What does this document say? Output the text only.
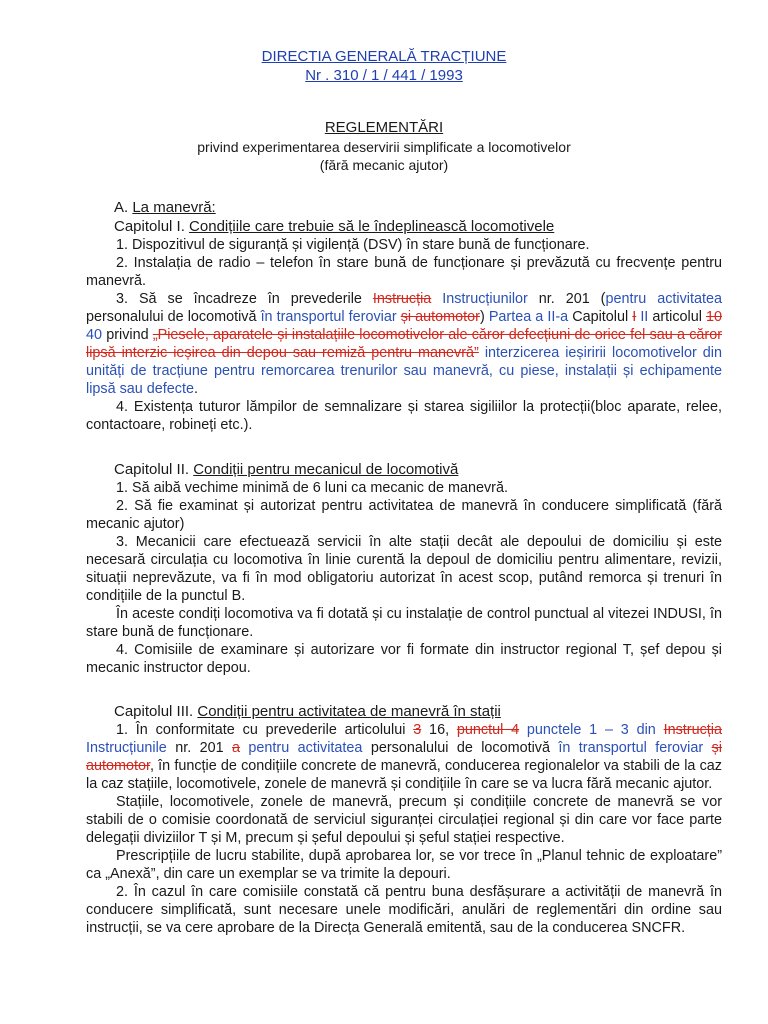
DIRECTIA GENERALĂ TRACȚIUNE
Nr . 310 / 1 / 441 / 1993
REGLEMENTĂRI
privind experimentarea deservirii simplificate a locomotivelor
(fără mecanic ajutor)
A. La manevră:
Capitolul I. Condițiile care trebuie să le îndeplinească locomotivele

1. Dispozitivul de siguranță și vigilență (DSV) în stare bună de funcționare.

2. Instalația de radio – telefon în stare bună de funcționare și prevăzută cu frecvențe pentru manevră.

3. Să se încadreze în prevederile Instrucția Instrucțiunilor nr. 201 (pentru activitatea personalului de locomotivă în transportul feroviar și automotor) Partea a II-a Capitolul I II articolul 10 40 privind „Piesele, aparatele și instalațiile locomotivelor ale căror defecțiuni de orice fel sau a căror lipsă interzic ieșirea din depou sau remiză pentru manevră” interzicerea ieșiririi locomotivelor din unități de tracțiune pentru remorcarea trenurilor sau manevră, cu piese, instalații și echipamente lipsă sau defecte.

4. Existența tuturor lămpilor de semnalizare și starea sigiliilor la protecții(bloc aparate, relee, contactoare, robineți etc.).

Capitolul II. Condiții pentru mecanicul de locomotivă

1. Să aibă vechime minimă de 6 luni ca mecanic de manevră.

2. Să fie examinat și autorizat pentru activitatea de manevră în conducere simplificată (fără mecanic ajutor)

3. Mecanicii care efectuează servicii în alte stații decât ale depoului de domiciliu și este necesară circulația cu locomotiva în linie curentă la depoul de domiciliu pentru alimentare, revizii, situații neprevăzute, va fi în mod obligatoriu autorizat în acest scop, putând remorca și trenuri în condițiile de la punctul B.

În aceste condiți locomotiva va fi dotată și cu instalație de control punctual al vitezei INDUSI, în stare bună de funcționare.

4. Comisiile de examinare și autorizare vor fi formate din instructor regional T, șef depou și mecanic instructor depou.

Capitolul III. Condiții pentru activitatea de manevră în stații

1. În conformitate cu prevederile articolului 3 16, punctul 4 punctele 1 – 3 din Instrucția Instrucțiunile nr. 201 a pentru activitatea personalului de locomotivă în transportul feroviar și automotor, în funcție de condițiile concrete de manevră, conducerea regionalelor va stabili de la caz la caz stațiile, locomotivele, zonele de manevră și condițiile în care se va lucra fără mecanic ajutor.

Stațiile, locomotivele, zonele de manevră, precum și condițiile concrete de manevră se vor stabili de o comisie coordonată de serviciul siguranței circulației regional și din care vor face parte delegații diviziilor T și M, precum și șeful depoului și șeful stației respective.

Prescripțiile de lucru stabilite, după aprobarea lor, se vor trece în „Planul tehnic de exploatare” ca „Anexă”, din care un exemplar se va trimite la depouri.

2. În cazul în care comisiile constată că pentru buna desfășurare a activității de manevră în conducere simplificată, sunt necesare unele modificări, anulări de reglementări din ordine sau instrucții, se va cere aprobare de la Direcța Generală emitentă, sau de la conducerea SNCFR.
